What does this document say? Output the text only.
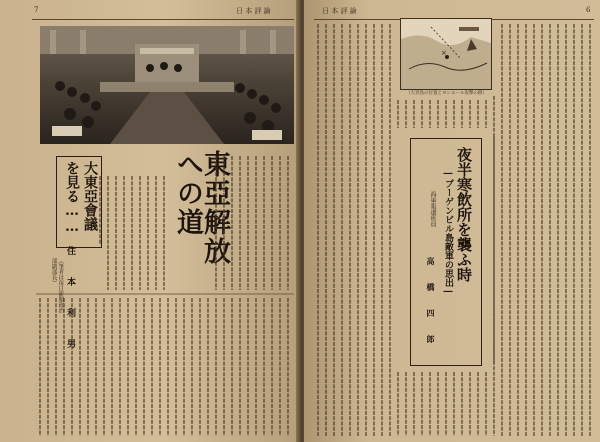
7	日 本 評 論
東亞解放への道
大東亞會議
を見る……
住 本 利 男
（筆者は毎日新聞政治部副部長）
日 本 評 論	6
×
（大宮島の位置とヨシエール攻撃の跡）
夜半寒飲所を襲ふ時
―ブーゲンビル島敵軍の思出―
海軍報道班員
高 橋 四 郎
